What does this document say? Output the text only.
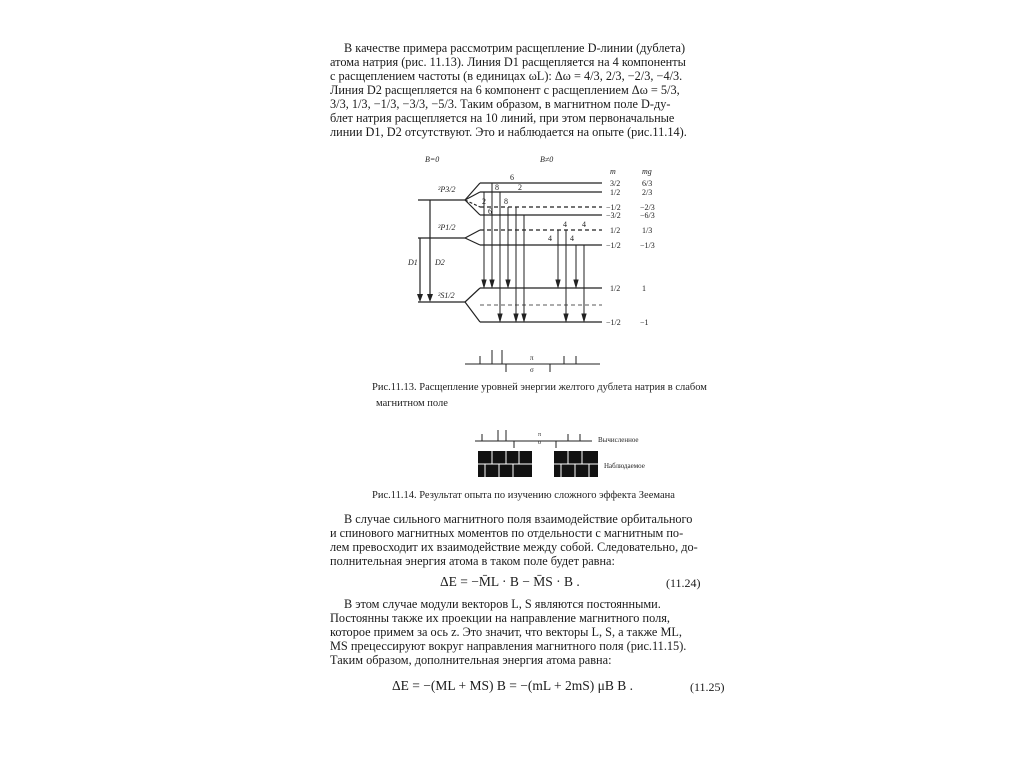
В качестве примера рассмотрим расщепление D-линии (дублета)

атома натрия (рис. 11.13). Линия D1 расщепляется на 4 компоненты

с расщеплением частоты (в единицах ωL): Δω = 4/3, 2/3, −2/3, −4/3.

Линия D2 расщепляется на 6 компонент с расщеплением Δω = 5/3,

3/3, 1/3, −1/3, −3/3, −5/3. Таким образом, в магнитном поле D-ду-

блет натрия расщепляется на 10 линий, при этом первоначальные

линии D1, D2 отсутствуют. Это и наблюдается на опыте (рис.11.14).

B=0	B≠0
m	mg
²P3/2
²P1/2
²S1/2
D1 D2
3/2
1/2
−1/2
−3/2
1/2
−1/2
1/2
−1/2
6/3
2/3
−2/3
−6/3
1/3
−1/3
1
−1
6
2
8
8
2
6
4 4
4 4
π
σ
Рис.11.13. Расщепление уровней энергии желтого дублета натрия в слабом
магнитном поле
π
σ	Вычисленное
Наблюдаемое
Рис.11.14. Результат опыта по изучению сложного эффекта Зеемана

В случае сильного магнитного поля взаимодействие орбитального

и спинового магнитных моментов по отдельности с магнитным по-

лем превосходит их взаимодействие между собой. Следовательно, до-

полнительная энергия атома в таком поле будет равна:

ΔE = −M̄L · B − M̄S · B .	(11.24)

В этом случае модули векторов L, S являются постоянными.

Постоянны также их проекции на направление магнитного поля,

которое примем за ось z. Это значит, что векторы L, S, а также ML,

MS прецессируют вокруг направления магнитного поля (рис.11.15).

Таким образом, дополнительная энергия атома равна:

ΔE = −(ML + MS) B = −(mL + 2mS) μB B .	(11.25)
